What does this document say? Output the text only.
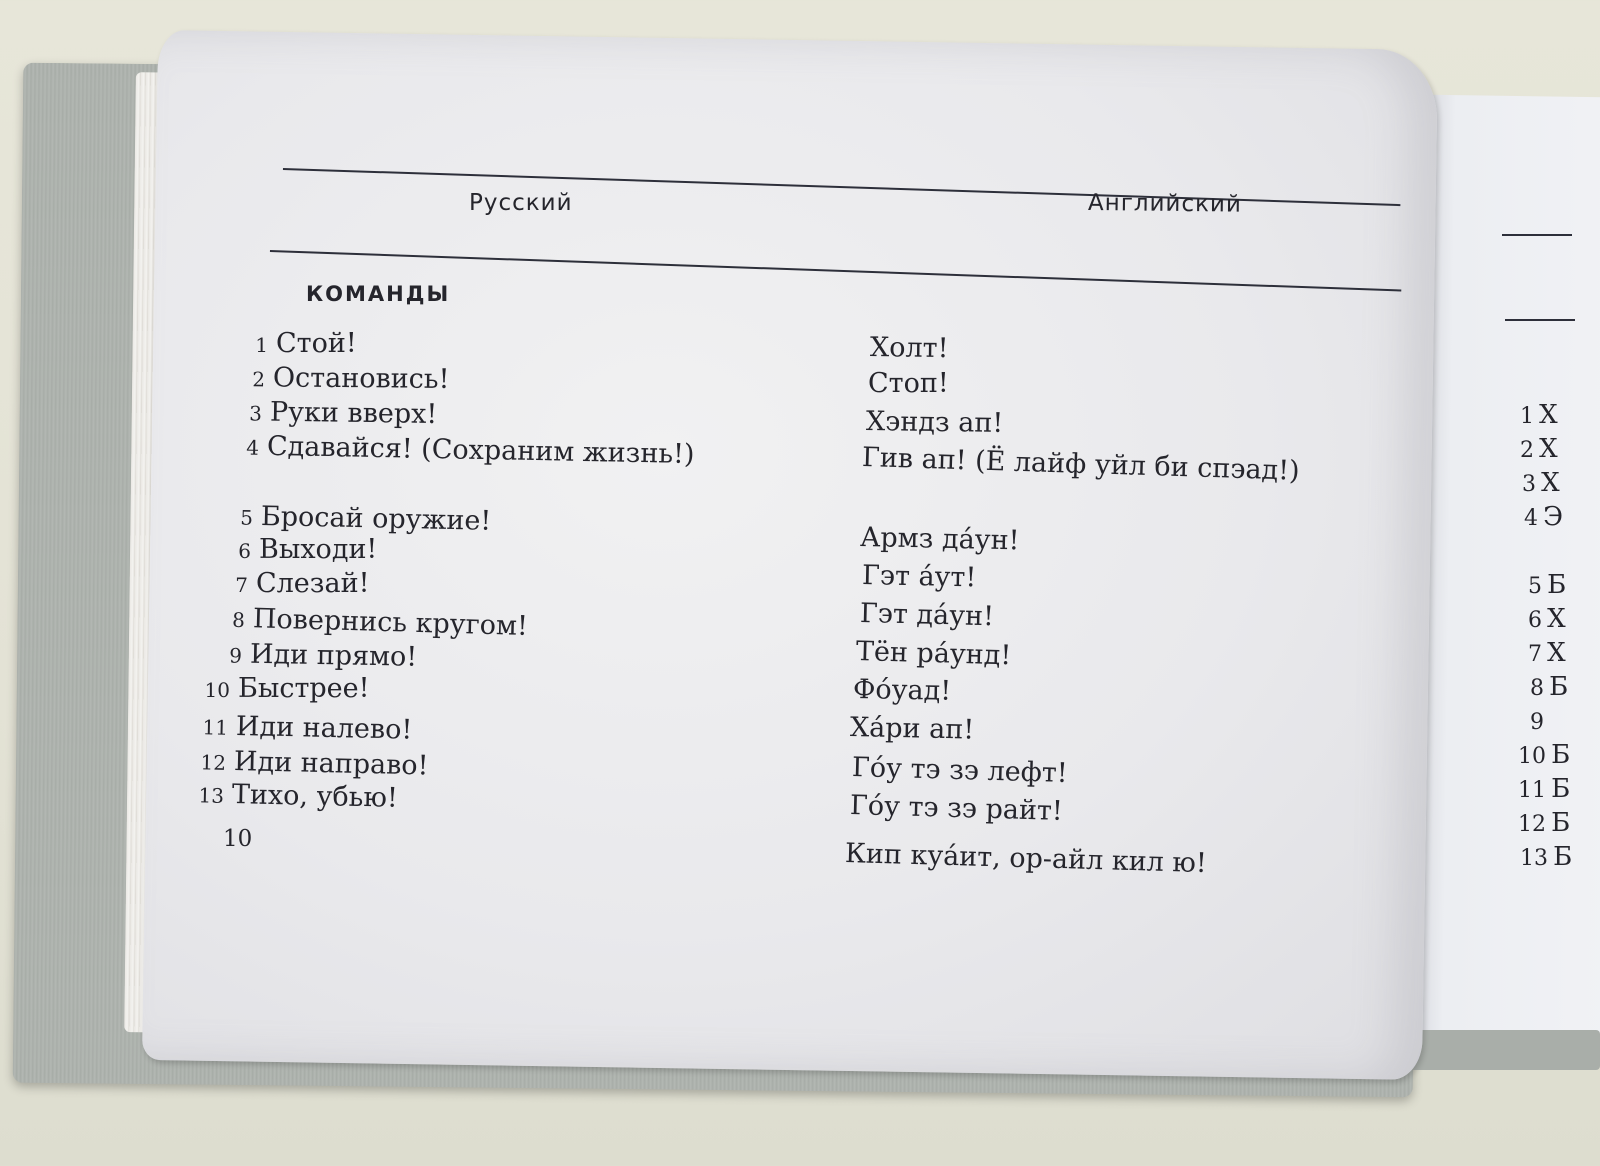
Русский	Английский
КОМАНДЫ
1 Стой!
2 Остановись!
3 Руки вверх!
4 Сдавайся! (Сохраним жизнь!)
5 Бросай оружие!
6 Выходи!
7 Слезай!
8 Повернись кругом!
9 Иди прямо!
10 Быстрее!
11 Иди налево!
12 Иди направо!
13 Тихо, убью!
Холт!
Стоп!
Хэндз ап!
Гив ап! (Ё лайф уйл би спэад!)
Армз да́ун!
Гэт а́ут!
Гэт да́ун!
Тён ра́унд!
Фо́уад!
Ха́ри ап!
Го́у тэ зэ лефт!
Го́у тэ зэ райт!
Кип куа́ит, ор-айл кил ю!
10
1 Х
2 Х
3 Х
4 Э
5 Б
6 Х
7 Х
8 Б
9
10 Б
11 Б
12 Б
13 Б
